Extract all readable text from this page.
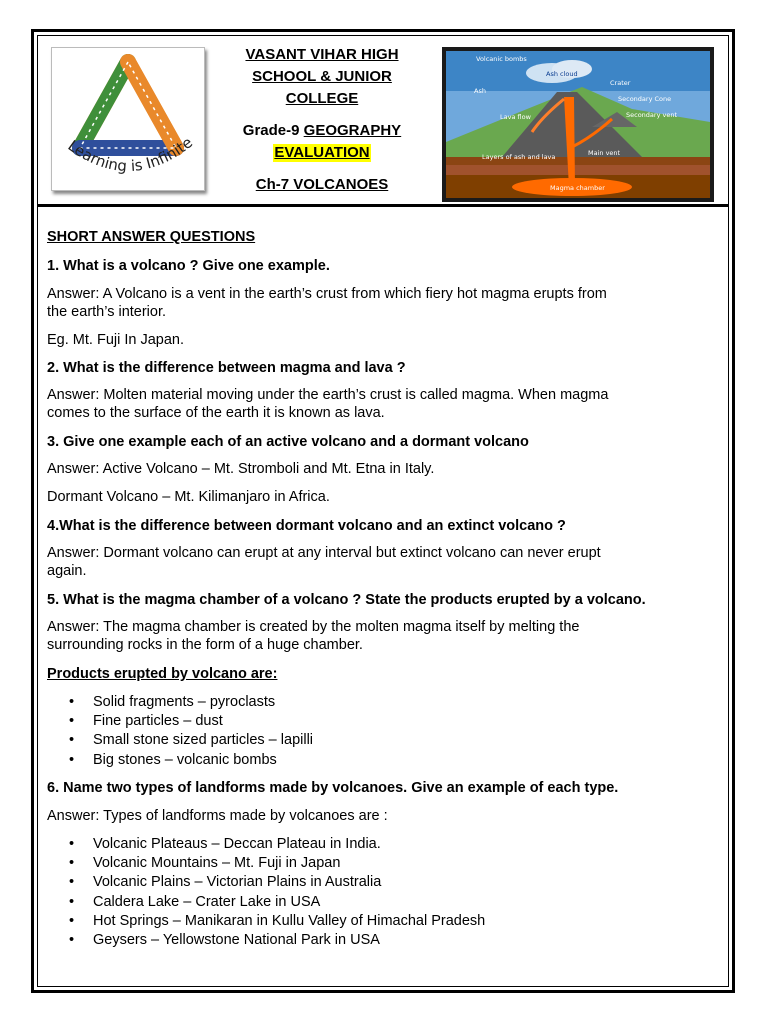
Learning is Infinite
VASANT VIHAR HIGH
SCHOOL & JUNIOR
COLLEGE
Grade-9 GEOGRAPHY
EVALUATION
Ch-7 VOLCANOES
Volcanic bombs
Ash cloud
Ash
Crater
Secondary Cone
Lava flow	Secondary vent
Layers of ash and lava	Main vent
Magma chamber
SHORT ANSWER QUESTIONS
1. What is a volcano ? Give one example.
Answer: A Volcano is a vent in the earth’s crust from which fiery hot magma erupts from
the earth’s interior.
Eg. Mt. Fuji In Japan.
2. What is the difference between magma and lava ?
Answer: Molten material moving under the earth’s crust is called magma. When magma
comes to the surface of the earth it is known as lava.
3. Give one example each of an active volcano and a dormant volcano
Answer: Active Volcano – Mt. Stromboli and Mt. Etna in Italy.
Dormant Volcano – Mt. Kilimanjaro in Africa.
4.What is the difference between dormant volcano and an extinct volcano ?
Answer: Dormant volcano can erupt at any interval but extinct volcano can never erupt
again.
5. What is the magma chamber of a volcano ? State the products erupted by a volcano.
Answer: The magma chamber is created by the molten magma itself by melting the
surrounding rocks in the form of a huge chamber.
Products erupted by volcano are:
• Solid fragments – pyroclasts
• Fine particles – dust
• Small stone sized particles – lapilli
• Big stones – volcanic bombs
6. Name two types of landforms made by volcanoes. Give an example of each type.
Answer: Types of landforms made by volcanoes are :
• Volcanic Plateaus – Deccan Plateau in India.
• Volcanic Mountains – Mt. Fuji in Japan
• Volcanic Plains – Victorian Plains in Australia
• Caldera Lake – Crater Lake in USA
• Hot Springs – Manikaran in Kullu Valley of Himachal Pradesh
• Geysers – Yellowstone National Park in USA
